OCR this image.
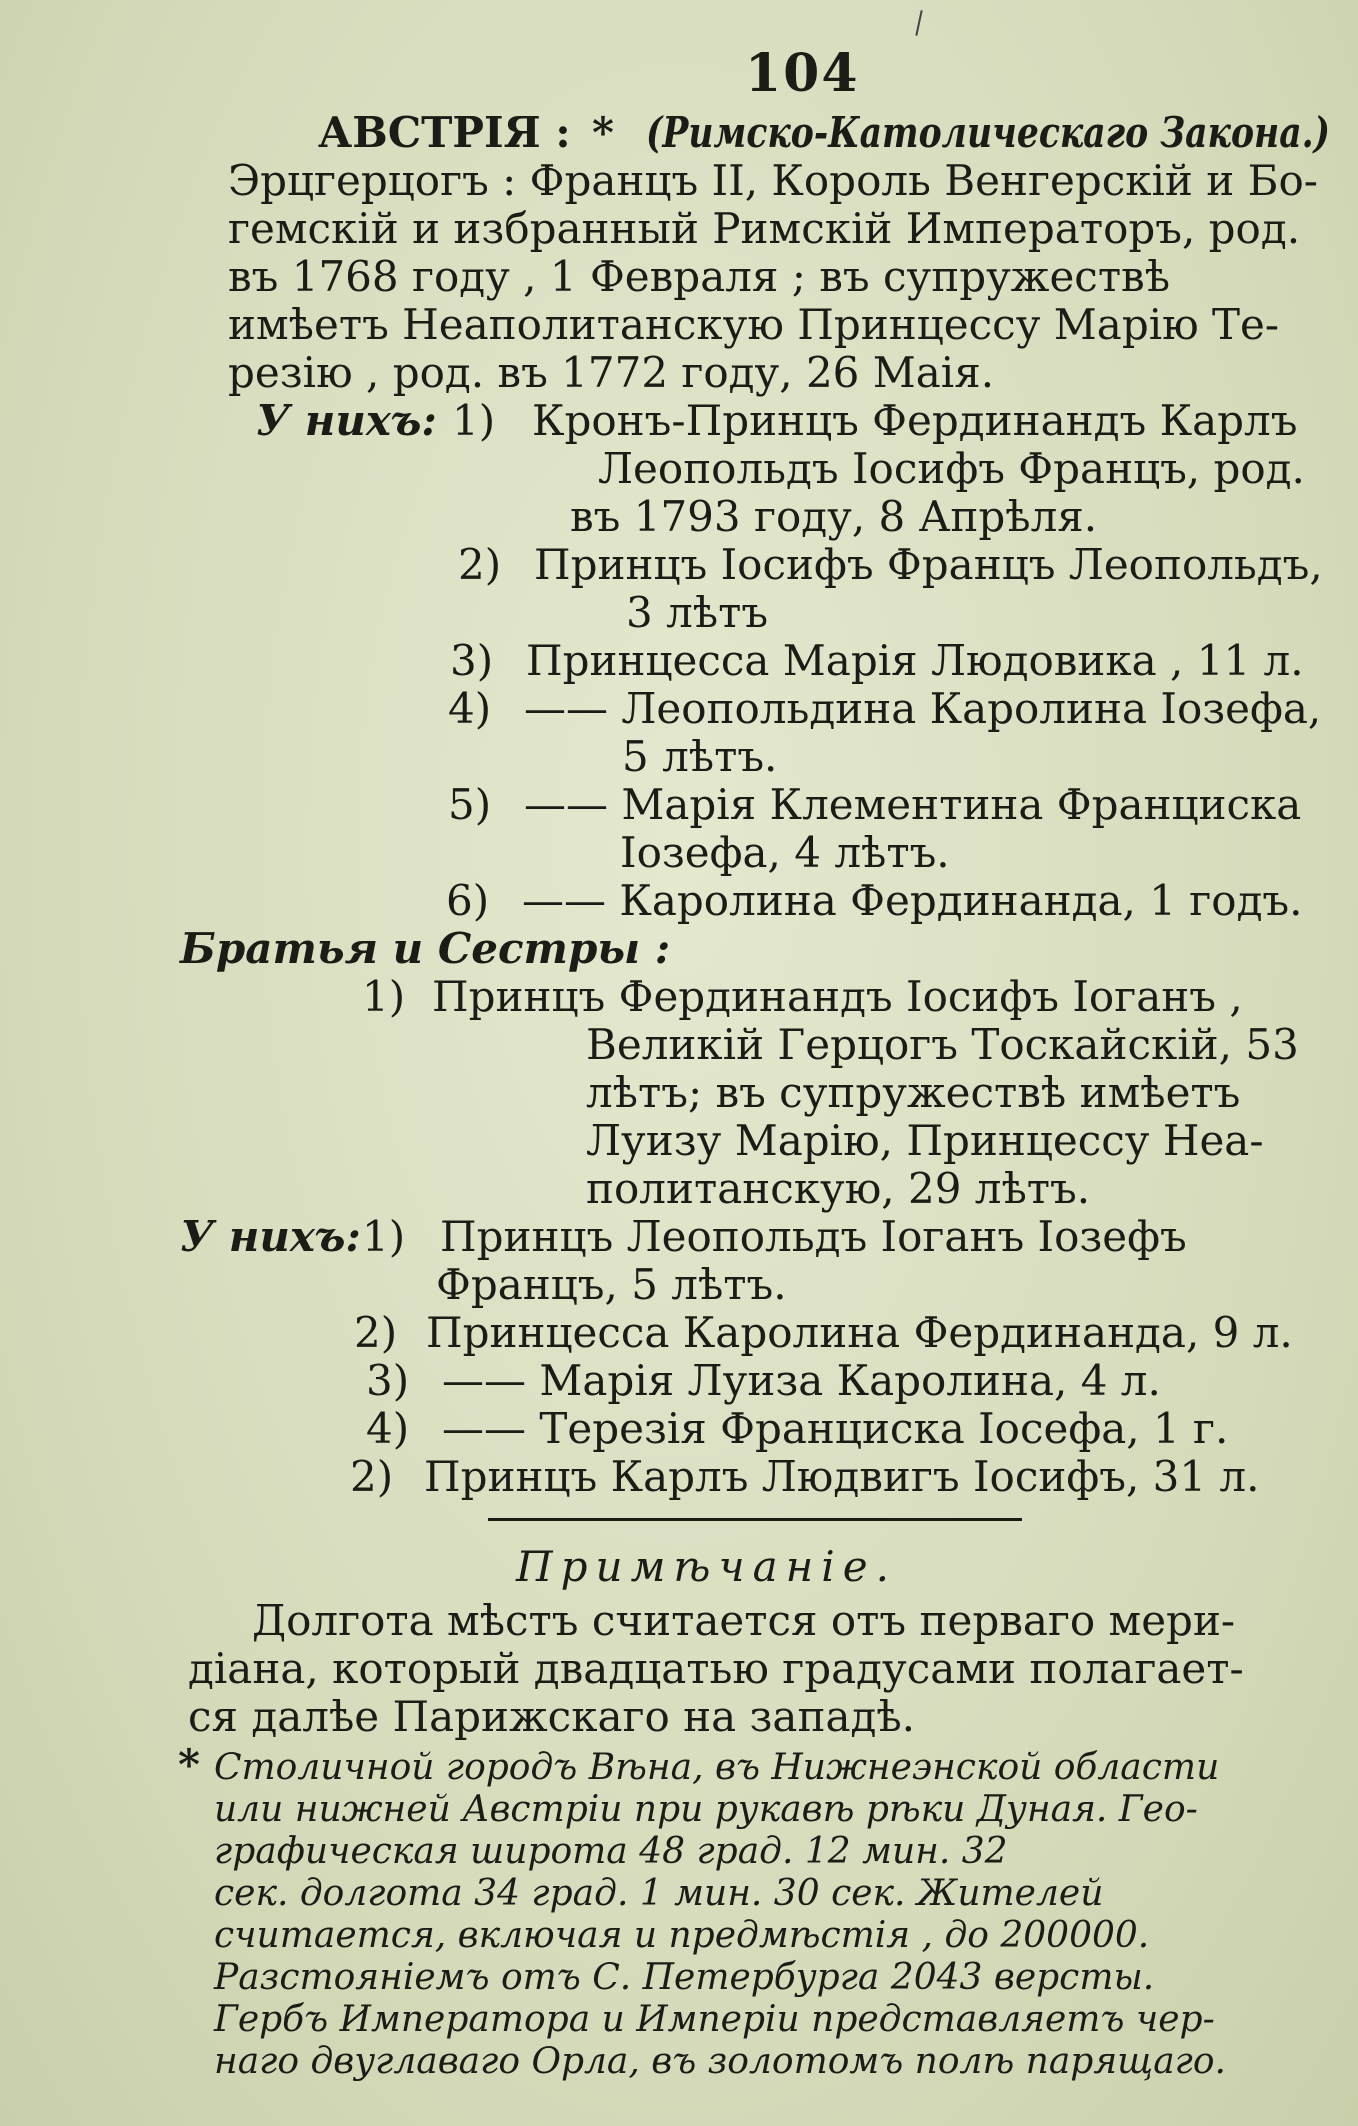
104
АВСТРІЯ : * (Римско-Католическаго Закона.)
Эрцгерцогъ : Францъ II, Король Венгерскій и Бо-
гемскій и избранный Римскій Императоръ, род.
въ 1768 году , 1 Февраля ; въ супружествѣ
имѣетъ Неаполитанскую Принцессу Марію Те-
резію , род. въ 1772 году, 26 Маія.
У нихъ: 1) Кронъ-Принцъ Фердинандъ Карлъ
Леопольдъ Іосифъ Францъ, род.
въ 1793 году, 8 Апрѣля.
2) Принцъ Іосифъ Францъ Леопольдъ,
3 лѣтъ
3) Принцесса Марія Людовика , 11 л.
4) —— Леопольдина Каролина Іозефа,
5 лѣтъ.
5) —— Марія Клементина Франциска
Іозефа, 4 лѣтъ.
6) —— Каролина Фердинанда, 1 годъ.
Братья и Сестры :
1) Принцъ Фердинандъ Іосифъ Іоганъ ,
Великій Герцогъ Тоскайскій, 53
лѣтъ; въ супружествѣ имѣетъ
Луизу Марію, Принцессу Неа-
политанскую, 29 лѣтъ.
У нихъ: 1) Принцъ Леопольдъ Іоганъ Іозефъ
Францъ, 5 лѣтъ.
2) Принцесса Каролина Фердинанда, 9 л.
3) —— Марія Луиза Каролина, 4 л.
4) —— Терезія Франциска Іосефа, 1 г.
2) Принцъ Карлъ Людвигъ Іосифъ, 31 л.
Примѣчаніе.
Долгота мѣстъ считается отъ перваго мери-
діана, который двадцатью градусами полагает-
ся далѣе Парижскаго на западѣ.
* Столичной городъ Вѣна, въ Нижнеэнской области
или нижней Австріи при рукавѣ рѣки Дуная. Гео-
графическая широта 48 град. 12 мин. 32
сек. долгота 34 град. 1 мин. 30 сек. Жителей
считается, включая и предмѣстія , до 200000.
Разстояніемъ отъ С. Петербурга 2043 версты.
Гербъ Императора и Имперіи представляетъ чер-
наго двуглаваго Орла, въ золотомъ полѣ парящаго.
